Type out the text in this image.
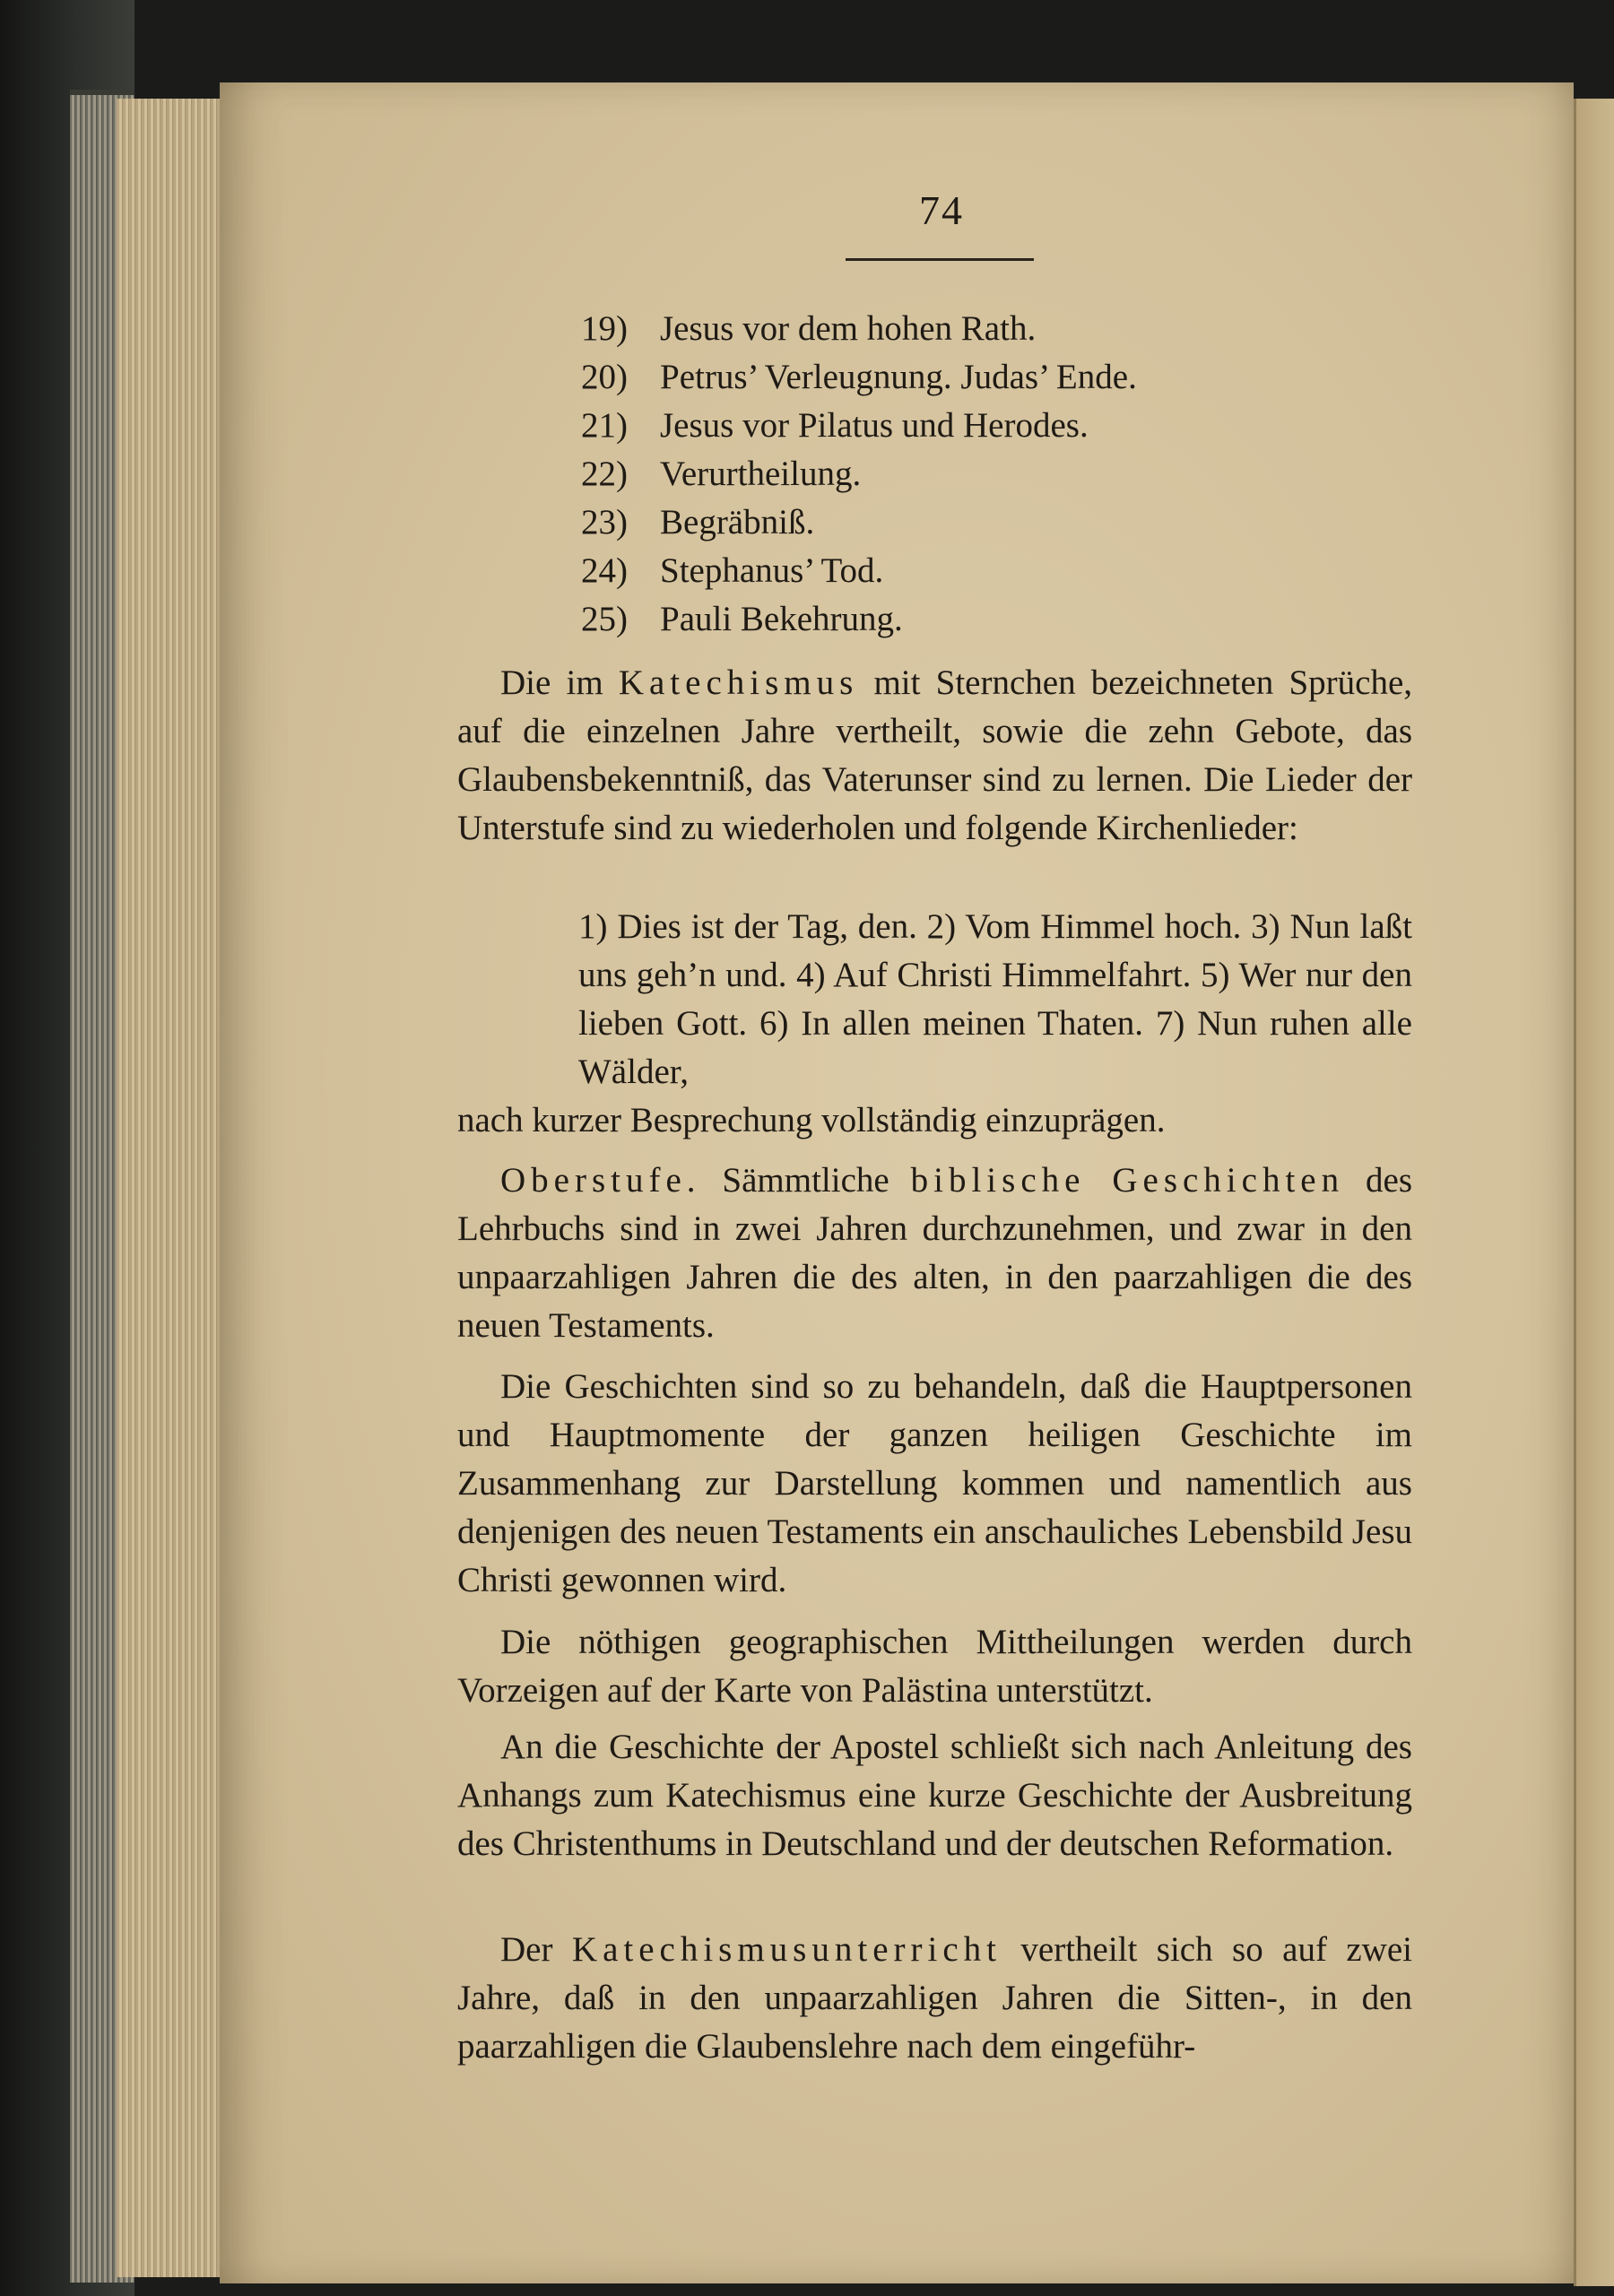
74
19) Jesus vor dem hohen Rath.
20) Petrus’ Verleugnung. Judas’ Ende.
21) Jesus vor Pilatus und Herodes.
22) Verurtheilung.
23) Begräbniß.
24) Stephanus’ Tod.
25) Pauli Bekehrung.

Die im Katechismus mit Sternchen bezeichneten Sprüche, auf die einzelnen Jahre vertheilt, sowie die zehn Gebote, das Glaubensbekenntniß, das Vaterunser sind zu lernen. Die Lieder der Unterstufe sind zu wiederholen und folgende Kirchenlieder:

1) Dies ist der Tag, den. 2) Vom Himmel hoch. 3) Nun laßt uns geh’n und. 4) Auf Christi Himmelfahrt. 5) Wer nur den lieben Gott. 6) In allen meinen Thaten. 7) Nun ruhen alle Wälder,

nach kurzer Besprechung vollständig einzuprägen.

Oberstufe. Sämmtliche biblische Geschichten des Lehrbuchs sind in zwei Jahren durchzunehmen, und zwar in den unpaarzahligen Jahren die des alten, in den paarzahligen die des neuen Testaments.

Die Geschichten sind so zu behandeln, daß die Hauptpersonen und Hauptmomente der ganzen heiligen Geschichte im Zusammenhang zur Darstellung kommen und namentlich aus denjenigen des neuen Testaments ein anschauliches Lebensbild Jesu Christi gewonnen wird.

Die nöthigen geographischen Mittheilungen werden durch Vorzeigen auf der Karte von Palästina unterstützt.

An die Geschichte der Apostel schließt sich nach Anleitung des Anhangs zum Katechismus eine kurze Geschichte der Ausbreitung des Christenthums in Deutschland und der deutschen Reformation.

Der Katechismusunterricht vertheilt sich so auf zwei Jahre, daß in den unpaarzahligen Jahren die Sitten-, in den paarzahligen die Glaubenslehre nach dem eingeführ-
